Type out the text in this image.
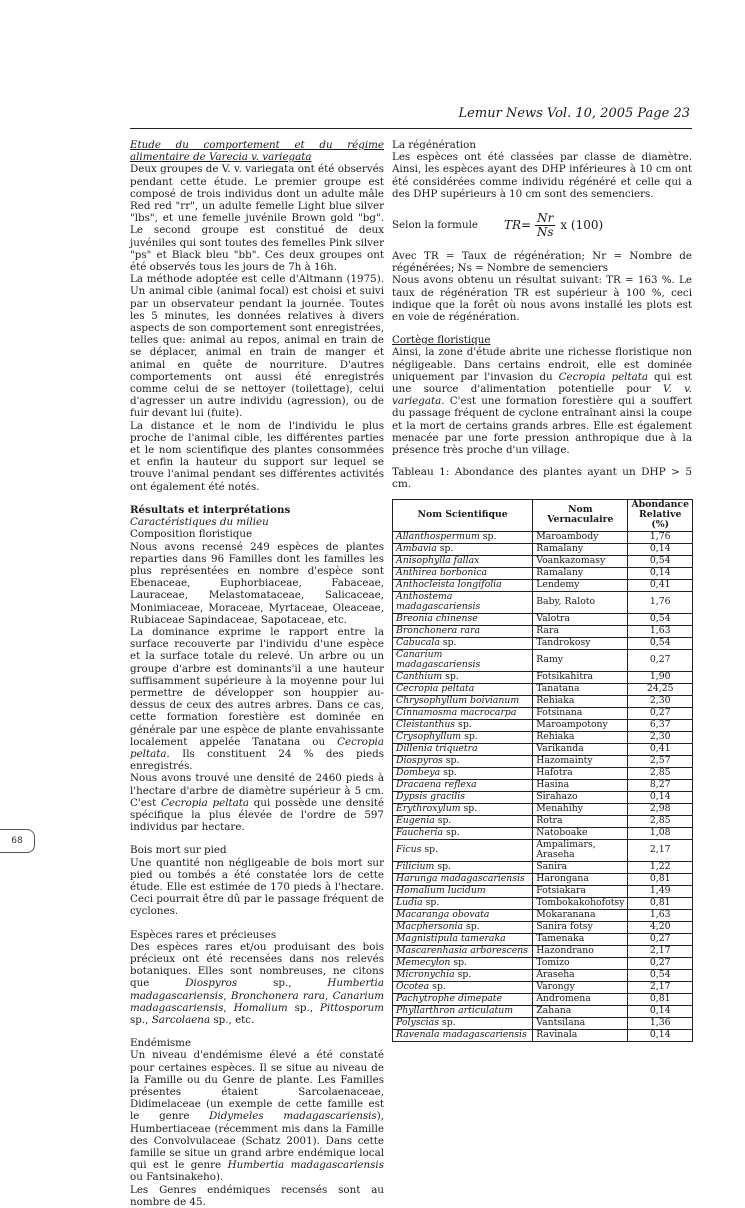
Lemur News Vol. 10, 2005 Page 23
68

Etude du comportement et du régime alimentaire de Varecia v. variegata

Deux groupes de V. v. variegata ont été observés pendant cette étude. Le premier groupe est composé de trois individus dont un adulte mâle Red red "rr", un adulte femelle Light blue silver "lbs", et une femelle juvénile Brown gold "bg". Le second groupe est constitué de deux juvéniles qui sont toutes des femelles Pink silver "ps" et Black bleu "bb". Ces deux groupes ont été observés tous les jours de 7h à 16h.

La méthode adoptée est celle d'Altmann (1975). Un animal cible (animal focal) est choisi et suivi par un observateur pendant la journée. Toutes les 5 minutes, les données relatives à divers aspects de son comportement sont enregistrées, telles que: animal au repos, animal en train de se déplacer, animal en train de manger et animal en quête de nourriture. D'autres comportements ont aussi été enregistrés comme celui de se nettoyer (toilettage), celui d'agresser un autre individu (agression), ou de fuir devant lui (fuite).

La distance et le nom de l'individu le plus proche de l'animal cible, les différentes parties et le nom scientifique des plantes consommées et enfin la hauteur du support sur lequel se trouve l'animal pendant ses différentes activités ont également été notés.

Résultats et interprétations

Caractéristiques du milieu

Composition floristique

Nous avons recensé 249 espèces de plantes reparties dans 96 Familles dont les familles les plus représentées en nombre d'espèce sont Ebenaceae, Euphorbiaceae, Fabaceae, Lauraceae, Melastomataceae, Salicaceae, Monimiaceae, Moraceae, Myrtaceae, Oleaceae, Rubiaceae Sapindaceae, Sapotaceae, etc.

La dominance exprime le rapport entre la surface recouverte par l'individu d'une espèce et la surface totale du relevé. Un arbre ou un groupe d'arbre est dominants'il a une hauteur suffisamment supérieure à la moyenne pour lui permettre de développer son houppier au-dessus de ceux des autres arbres. Dans ce cas, cette formation forestière est dominée en générale par une espèce de plante envahissante localement appelée Tanatana ou Cecropia peltata. Ils constituent 24 % des pieds enregistrés.

Nous avons trouvé une densité de 2460 pieds à l'hectare d'arbre de diamètre supérieur à 5 cm. C'est Cecropia peltata qui possède une densité spécifique la plus élevée de l'ordre de 597 individus par hectare.

Bois mort sur pied

Une quantité non négligeable de bois mort sur pied ou tombés a été constatée lors de cette étude. Elle est estimée de 170 pieds à l'hectare. Ceci pourrait être dû par le passage fréquent de cyclones.

Espèces rares et précieuses

Des espèces rares et/ou produisant des bois précieux ont été recensées dans nos relevés botaniques. Elles sont nombreuses, ne citons que	Diospyros	sp.,	Humbertia madagascariensis, Bronchonera rara, Canarium madagascariensis, Homalium sp., Pittosporum sp., Sarcolaena sp., etc.

Endémisme

Un niveau d'endémisme élevé a été constaté pour certaines espèces. Il se situe au niveau de la Famille ou du Genre de plante. Les Familles présentes étaient Sarcolaenaceae, Didimelaceae (un exemple de cette famille est le genre Didymeles madagascariensis), Humbertiaceae (récemment mis dans la Famille des Convolvulaceae (Schatz 2001). Dans cette famille se situe un grand arbre endémique local qui est le genre Humbertia madagascariensis ou Fantsinakeho).

Les Genres endémiques recensés sont au nombre de 45.

La régénération

Les espèces ont été classées par classe de diamètre. Ainsi, les espèces ayant des DHP inférieures à 10 cm ont été considérées comme individu régénéré et celle qui a des DHP supérieurs à 10 cm sont des semenciers.

Selon la formule TR = $\frac{Nr}{Ns}$ x (100)

Avec TR = Taux de régénération; Nr = Nombre de régénérées; Ns = Nombre de semenciers

Nous avons obtenu un résultat suivant: TR = 163 %. Le taux de régénération TR est supérieur à 100 %, ceci indique que la forêt où nous avons installé les plots est en voie de régénération.

Cortège floristique

Ainsi, la zone d'étude abrite une richesse floristique non négligeable. Dans certains endroit, elle est dominée uniquement par l'invasion du Cecropia peltata qui est une source d'alimentation potentielle pour V. v. variegata. C'est une formation forestière qui a souffert du passage fréquent de cyclone entraînant ainsi la coupe et la mort de certains grands arbres. Elle est également menacée par une forte pression anthropique due à la présence très proche d'un village.

Tableau 1: Abondance des plantes ayant un DHP > 5 cm.

Nom Scientifique	Nom Vernaculaire	Abondance Relative (%)
Allanthospermum sp.	Maroambody	1,76
Ambavia sp.	Ramalany	0,14
Anisophylla fallax	Voankazomasy	0,54
Anthirea borbonica	Ramalany	0,14
Anthocleista longifolia	Lendemy	0,41
Anthostema madagascariensis	Baby, Raloto	1,76
Breonia chinense	Valotra	0,54
Bronchonera rara	Rara	1,63
Cabucala sp.	Tandrokosy	0,54
Canarium madagascariensis	Ramy	0,27
Canthium sp.	Fotsikahitra	1,90
Cecropia peltata	Tanatana	24,25
Chrysophyllum boivianum	Rehiaka	2,30
Cinnamosma macrocarpa	Fotsinana	0,27
Cleistanthus sp.	Maroampotony	6,37
Crysophyllum sp.	Rehiaka	2,30
Dillenia triquetra	Varikanda	0,41
Diospyros sp.	Hazomainty	2,57
Dombeya sp.	Hafotra	2,85
Dracaena reflexa	Hasina	8,27
Dypsis gracilis	Sirahazo	0,14
Erythroxylum sp.	Menahihy	2,98
Eugenia sp.	Rotra	2,85
Faucheria sp.	Natoboake	1,08
Ficus sp.	Ampalimars, Araseha	2,17
Filicium sp.	Sanira	1,22
Harunga madagascariensis	Harongana	0,81
Homalium lucidum	Fotsiakara	1,49
Ludia sp.	Tombokakohofotsy	0,81
Macaranga obovata	Mokaranana	1,63
Macphersonia sp.	Sanira fotsy	4,20
Magnistipula tameraka	Tamenaka	0,27
Mascarenhasia arborescens	Hazondrano	2,17
Memecylon sp.	Tomizo	0,27
Micronychia sp.	Araseha	0,54
Ocotea sp.	Varongy	2,17
Pachytrophe dimepate	Andromena	0,81
Phyllarthron articulatum	Zahana	0,14
Polyscias sp.	Vantsilana	1,36
Ravenala madagascariensis	Ravinala	0,14
